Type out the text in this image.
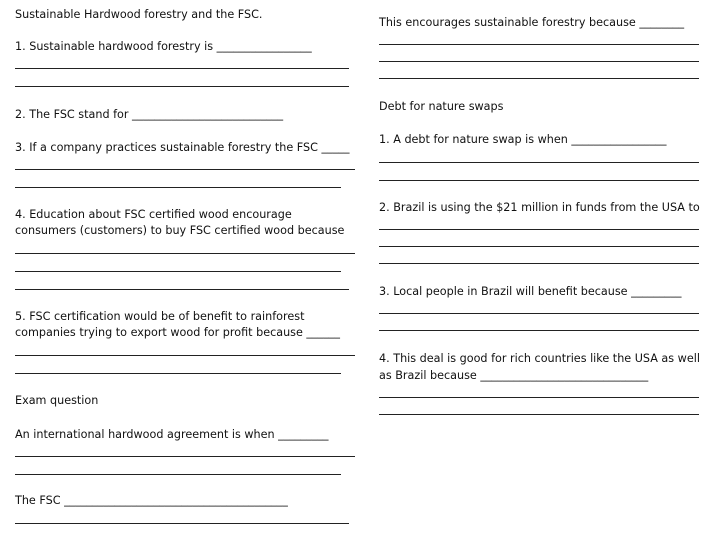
Sustainable Hardwood forestry and the FSC.
1. Sustainable hardwood forestry is _________________
2. The FSC stand for ___________________________
3. If a company practices sustainable forestry the FSC _____
4. Education about FSC certified wood encourage
consumers (customers) to buy FSC certified wood because
5. FSC certification would be of benefit to rainforest
companies trying to export wood for profit because ______
Exam question
An international hardwood agreement is when _________
The FSC ________________________________________
This encourages sustainable forestry because ________
Debt for nature swaps
1. A debt for nature swap is when _________________
2. Brazil is using the $21 million in funds from the USA to
3. Local people in Brazil will benefit because _________
4. This deal is good for rich countries like the USA as well
as Brazil because ______________________________
